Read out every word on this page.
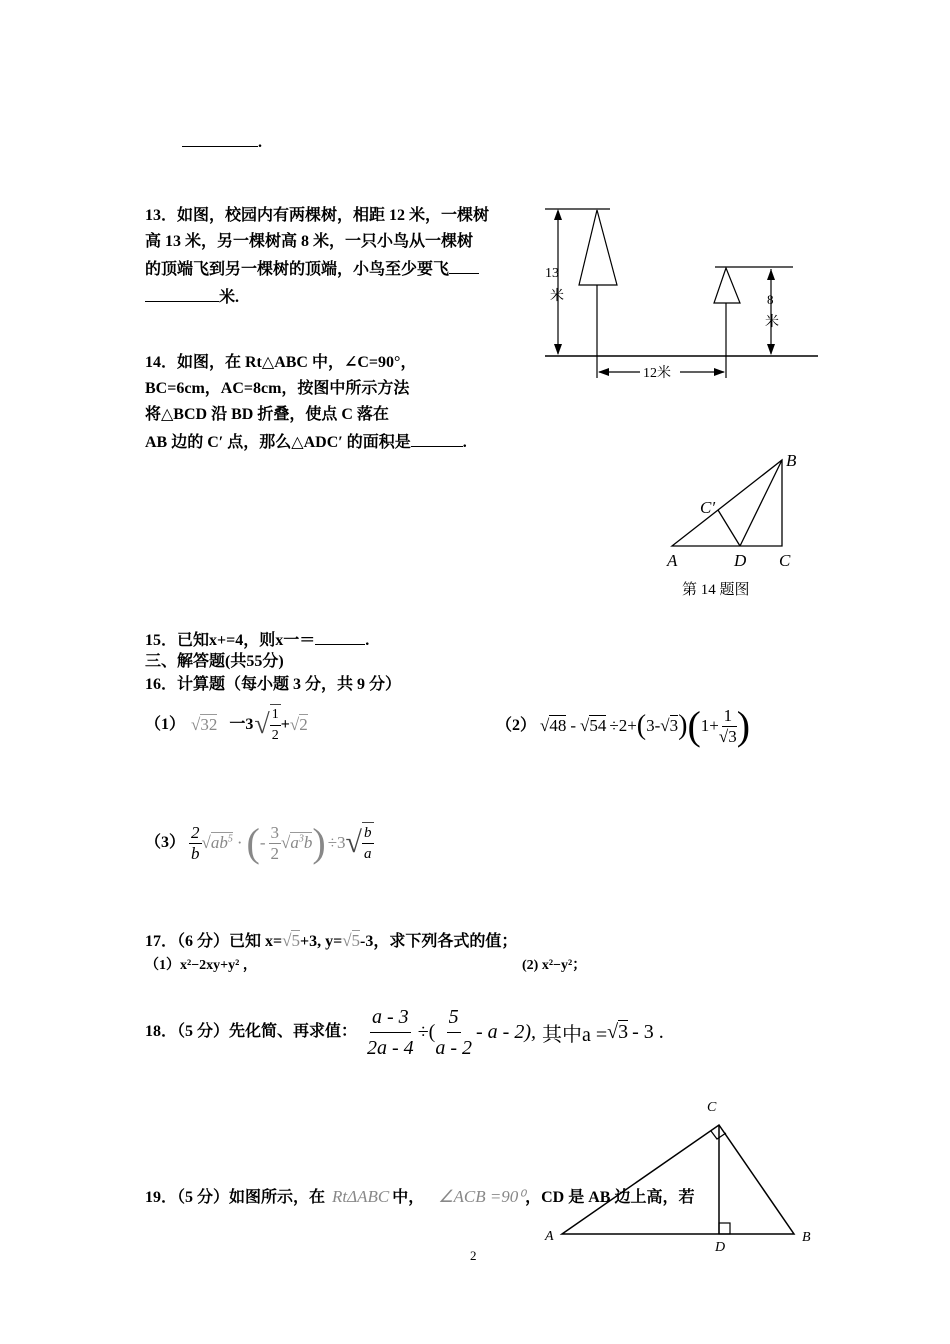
.
13．如图，校园内有两棵树，相距 12 米，一棵树
高 13 米，另一棵树高 8 米，一只小鸟从一棵树
的顶端飞到另一棵树的顶端，小鸟至少要飞
米.
13
米	8
米
12米
14．如图，在 Rt△ABC 中，∠C=90°，
BC=6cm，AC=8cm，按图中所示方法
将△BCD 沿 BD 折叠，使点 C 落在
AB 边的 C′ 点，那么△ADC′ 的面积是	.
A
B
C
D
C′
第 14 题图
15．已知x+=4，则x一＝	.
三、解答题(共55分)
16．计算题（每小题 3 分，共 9 分）
（1） √32 一3 √ $\frac{1}{2} + √2$	（2） √48 - √54 ÷2+ ( 3- √3 ) ( $1+ \frac{1}{√3}$ )
$(3) \frac{2}{b} √ab^5$ · ( - $\frac{3}{2} √a^3b$ ) ÷3 √ $\frac{b}{a}$
17．（6 分）已知 x=√5+3, y=√5-3，求下列各式的值；
（1）x²−2xy+y² ，	(2) x²−y²；
18．（5 分）先化简、再求值： $\frac{a - 3}{2a - 4}$ ÷( $\frac{5}{a - 2}$ - a - 2), 其中a = √3 - 3 .
19．（5 分）如图所示，在 RtΔABC 中， ∠ACB =90⁰，CD 是 AB 边上高，若
C
A	B
D
2
